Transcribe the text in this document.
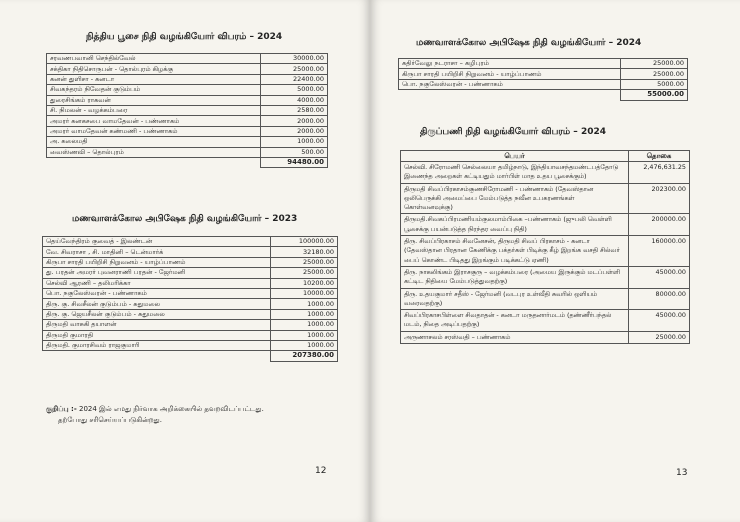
நித்திய பூசை நிதி வழங்கியோர் விபரம் – 2024
சரவணபவானி செந்தில்வேல்	30000.00
சக்திகா நிதிசொருபன் - தொல்புரம் கிழக்கு	25000.00
கனன் துளிசா - கனடா	22400.00
சிவகந்தரம் நிவேதன் குடும்பம்	5000.00
துரைசிங்கம் ராகவன்	4000.00
சி. நிமலன் - வழக்கம்பரை	2580.00
அமரர் கனகசபை வாமதேவன் - பண்ணாகம்	2000.00
அமரர் வாமதேவன் கண்மணி - பண்ணாகம்	2000.00
அ. கலைமதி	1000.00
வைஸ்ணவி – தொல்புரம்	500.00
	94480.00
மணவாளக்கோல அபிஷேக நிதி வழங்கியோர் – 2023
தெய்வேந்திரம் குவைத் - இலண்டன்	100000.00
வே. சிவராசா , சி. மாதினி – டென்மார்க்	32180.00
கிருபா சாரதி பயிறிசி நிறுவனம் - யாழ்ப்பாணம்	25000.00
து. பரதன் அமரர் புவனராணி பரதன் - ஜேர்மனி	25000.00
செல்வி ஆரணி – தலிமரிக்கா	10200.00
பொ. நகுலேஸ்வரன் - பண்ணாகம்	10000.00
திரு. கு. சிவசீலன் குடும்பம் - சுதுமலை	1000.00
திரு. கு. ஜெயசீலன் குடும்பம் - சுதுமலை	1000.00
திருமதி வாசுகி தயாளன்	1000.00
திருமதி குமாரதி	1000.00
திருமதி. குமாரசிவம் ராஜகுமாரி	1000.00
	207380.00
குறிப்பு :- 2024 இல் எமது நிர்வாக அறிக்கையில் தவறவிடப்பட்டது.
தற்போது சரிசெய்யப்படுகின்றது.
12
மணவாளக்கோல அபிஷேக நிதி வழங்கியோர் – 2024
கதிர்வேலு நடராசா – கழிபுரம்	25000.00
கிருபா சாரதி பயிறிசி நிறுவனம் - யாழ்ப்பாணம்	25000.00
பொ. நகுலேஸ்வரன் - பண்ணாகம்	5000.00
	55000.00
திருப்பணி நிதி வழங்கியோர் விபரம் – 2024
பெயர்	தொகை
செல்வி. சிரோமணி செல்லையா தமிழ்நாடு, இந்தியாவசந்தமண்டபத்தோடு இணைந்த அறைகள் கட்டியதும் மார்பிள் மாத உதய பூசைக்கும்)	2,476,631.25
திருமதி சிவப்பிரகாசம்குணசிரோமணி - பண்ணாகம் (தேவஸ்தான ஒலிபெருக்கி அமைப்பை மேம்படுத்த நவீன உபகரணங்கள் கொள்வனவுக்கு)	202300.00
திருமதி.சிவகப்பிரமணியம்குலமாம்பிகை –பண்ணாகம் (ஜுபலி வெள்ளி பூசைக்கு பயன்படுத்த நிரந்தர வைப்பு நிதி)	200000.00
திரு. சிவப்பிரகாசம் சிவனேசன், திருமதி சிவப் பிரகாசம் - கனடா (தேவஸ்தான பிரதான கேணிக்கு பக்தர்கள் பிடிக்கு கீழ் இறங்க வசதி சில்வர் பைப் கொண்ட பிடிதது இறங்கும் படிக்கட்டு ஏணி)	160000.00
திரு. நாகலிங்கம் இராசகுரு – வழக்கம்பரை (அமைய இருக்கும் மடப்பள்ளி கட்டிட நிதியை மேம்படுத்துவதற்கு)	45000.00
திரு. உதயகுமார் சதீஸ் - ஜேர்மனி (வடபுர உள்வீதி சுவரில் ஒளியம் வரைவதற்கு)	80000.00
சிவப்பிரகாசபிள்ளை சிவதாதன் - கனடா மருதனார்மடம் (தண்ணீர்பந்தல் மடம், நிதை அடிப்பதற்கு)	45000.00
அருணாசலம் சரஸ்வதி – பண்ணாகம்	25000.00
13
